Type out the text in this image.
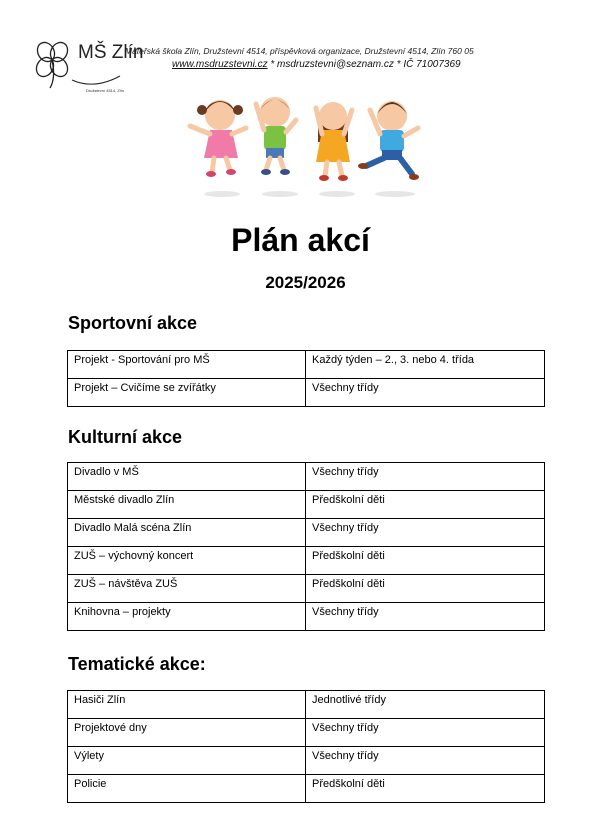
MŠ Zlín
Družstevní 4514, Zlín
Mateřská škola Zlín, Družstevní 4514, příspěvková organizace, Družstevní 4514, Zlín 760 05
www.msdruzstevni.cz * msdruzstevni@seznam.cz * IČ 71007369
Plán akcí
2025/2026
Sportovní akce
Projekt - Sportování pro MŠ	Každý týden – 2., 3. nebo 4. třída
Projekt – Cvičíme se zvířátky	Všechny třídy
Kulturní akce
Divadlo v MŠ	Všechny třídy
Městské divadlo Zlín	Předškolní děti
Divadlo Malá scéna Zlín	Všechny třídy
ZUŠ – výchovný koncert	Předškolní děti
ZUŠ – návštěva ZUŠ	Předškolní děti
Knihovna – projekty	Všechny třídy
Tematické akce:
Hasiči Zlín	Jednotlivé třídy
Projektové dny	Všechny třídy
Výlety	Všechny třídy
Policie	Předškolní děti
